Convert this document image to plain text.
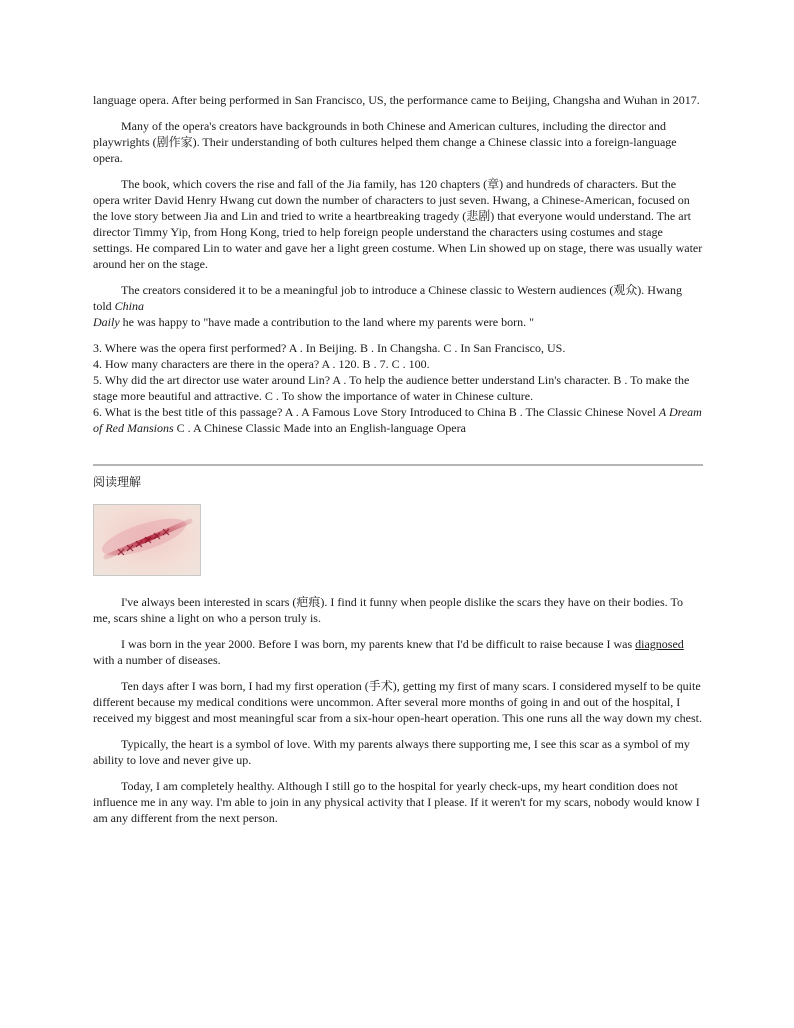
language opera. After being performed in San Francisco, US, the performance came to Beijing, Changsha and Wuhan in 2017.

Many of the opera's creators have backgrounds in both Chinese and American cultures, including the director and playwrights (剧作家). Their understanding of both cultures helped them change a Chinese classic into a foreign-language opera.

The book, which covers the rise and fall of the Jia family, has 120 chapters (章) and hundreds of characters. But the opera writer David Henry Hwang cut down the number of characters to just seven. Hwang, a Chinese-American, focused on the love story between Jia and Lin and tried to write a heartbreaking tragedy (悲剧) that everyone would understand. The art director Timmy Yip, from Hong Kong, tried to help foreign people understand the characters using costumes and stage settings. He compared Lin to water and gave her a light green costume. When Lin showed up on stage, there was usually water around her on the stage.

The creators considered it to be a meaningful job to introduce a Chinese classic to Western audiences (观众). Hwang told China
Daily he was happy to "have made a contribution to the land where my parents were born. "

3. Where was the opera first performed? A . In Beijing. B . In Changsha. C . In San Francisco, US.

4. How many characters are there in the opera? A . 120. B . 7. C . 100.

5. Why did the art director use water around Lin? A . To help the audience better understand Lin's character. B . To make the stage more beautiful and attractive. C . To show the importance of water in Chinese culture.

6. What is the best title of this passage? A . A Famous Love Story Introduced to China B . The Classic Chinese Novel A Dream of Red Mansions C . A Chinese Classic Made into an English-language Opera

阅读理解

I've always been interested in scars (疤痕). I find it funny when people dislike the scars they have on their bodies. To me, scars shine a light on who a person truly is.

I was born in the year 2000. Before I was born, my parents knew that I'd be difficult to raise because I was diagnosed with a number of diseases.

Ten days after I was born, I had my first operation (手术), getting my first of many scars. I considered myself to be quite different because my medical conditions were uncommon. After several more months of going in and out of the hospital, I received my biggest and most meaningful scar from a six-hour open-heart operation. This one runs all the way down my chest.

Typically, the heart is a symbol of love. With my parents always there supporting me, I see this scar as a symbol of my ability to love and never give up.

Today, I am completely healthy. Although I still go to the hospital for yearly check-ups, my heart condition does not influence me in any way. I'm able to join in any physical activity that I please. If it weren't for my scars, nobody would know I am any different from the next person.
